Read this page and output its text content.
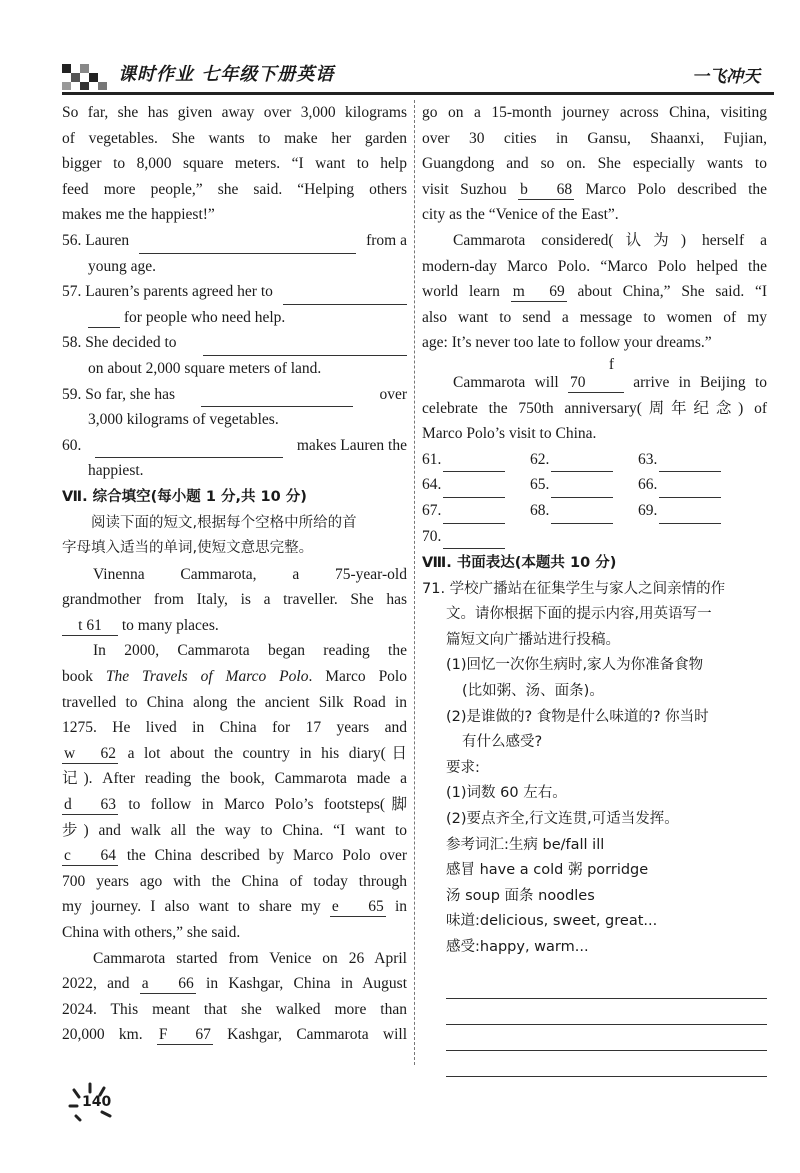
课时作业 七年级下册英语	一飞冲天

So far, she has given away over 3,000 kilograms

of vegetables. She wants to make her garden

bigger to 8,000 square meters. “I want to help

feed more people,” she said. “Helping others

makes me the happiest!”

56. Lauren	from a

young age.

57. Lauren’s parents agreed her to

for people who need help.

58. She decided to

on about 2,000 square meters of land.

59. So far, she has	over

3,000 kilograms of vegetables.

60.	makes Lauren the

happiest.

Ⅶ. 综合填空(每小题 1 分,共 10 分)

阅读下面的短文,根据每个空格中所给的首

字母填入适当的单词,使短文意思完整。

Vinenna Cammarota, a 75-year-old

grandmother from Italy, is a traveller. She has

t 61 to many places.

In 2000, Cammarota began reading the

book The Travels of Marco Polo. Marco Polo

travelled to China along the ancient Silk Road in

1275. He lived in China for 17 years and

w 62 a lot about the country in his diary(日

记). After reading the book, Cammarota made a

d 63 to follow in Marco Polo’s footsteps(脚

步) and walk all the way to China. “I want to

c 64 the China described by Marco Polo over

700 years ago with the China of today through

my journey. I also want to share my e 65 in

China with others,” she said.

Cammarota started from Venice on 26 April

2022, and a 66 in Kashgar, China in August

2024. This meant that she walked more than

20,000 km. F 67 Kashgar, Cammarota will

go on a 15-month journey across China, visiting

over 30 cities in Gansu, Shaanxi, Fujian,

Guangdong and so on. She especially wants to

visit Suzhou b 68 Marco Polo described the

city as the “Venice of the East”.

Cammarota considered(认为) herself a

modern-day Marco Polo. “Marco Polo helped the

world learn m 69 about China,” She said. “I

also want to send a message to women of my

age: It’s never too late to follow your dreams.”

Cammarota will f 70	arrive in Beijing to

celebrate the 750th anniversary(周年纪念) of

Marco Polo’s visit to China.

61.	62.	63.
64.	65.	66.
67.	68.	69.
70.

Ⅷ. 书面表达(本题共 10 分)

71. 学校广播站在征集学生与家人之间亲情的作

文。请你根据下面的提示内容,用英语写一

篇短文向广播站进行投稿。

(1)回忆一次你生病时,家人为你准备食物

(比如粥、汤、面条)。

(2)是谁做的? 食物是什么味道的? 你当时

有什么感受?

要求:

(1)词数 60 左右。

(2)要点齐全,行文连贯,可适当发挥。

参考词汇:生病 be/fall ill

感冒 have a cold 粥 porridge

汤 soup 面条 noodles

味道:delicious, sweet, great...

感受:happy, warm...

140
